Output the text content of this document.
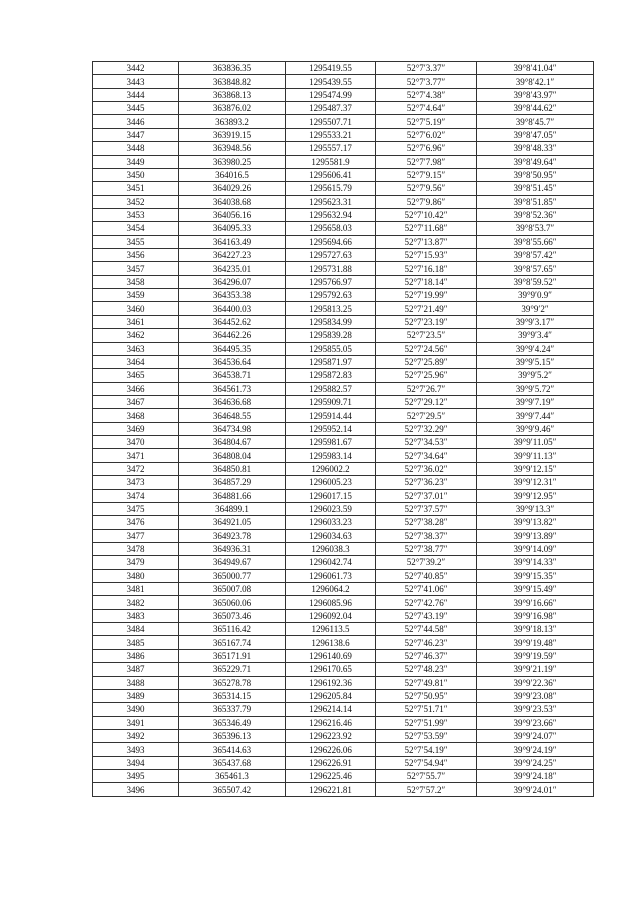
3442	363836.35	1295419.55	52°7′3.37″	39°8′41.04″
3443	363848.82	1295439.55	52°7′3.77″	39°8′42.1″
3444	363868.13	1295474.99	52°7′4.38″	39°8′43.97″
3445	363876.02	1295487.37	52°7′4.64″	39°8′44.62″
3446	363893.2	1295507.71	52°7′5.19″	39°8′45.7″
3447	363919.15	1295533.21	52°7′6.02″	39°8′47.05″
3448	363948.56	1295557.17	52°7′6.96″	39°8′48.33″
3449	363980.25	1295581.9	52°7′7.98″	39°8′49.64″
3450	364016.5	1295606.41	52°7′9.15″	39°8′50.95″
3451	364029.26	1295615.79	52°7′9.56″	39°8′51.45″
3452	364038.68	1295623.31	52°7′9.86″	39°8′51.85″
3453	364056.16	1295632.94	52°7′10.42″	39°8′52.36″
3454	364095.33	1295658.03	52°7′11.68″	39°8′53.7″
3455	364163.49	1295694.66	52°7′13.87″	39°8′55.66″
3456	364227.23	1295727.63	52°7′15.93″	39°8′57.42″
3457	364235.01	1295731.88	52°7′16.18″	39°8′57.65″
3458	364296.07	1295766.97	52°7′18.14″	39°8′59.52″
3459	364353.38	1295792.63	52°7′19.99″	39°9′0.9″
3460	364400.03	1295813.25	52°7′21.49″	39°9′2″
3461	364452.62	1295834.99	52°7′23.19″	39°9′3.17″
3462	364462.26	1295839.28	52°7′23.5″	39°9′3.4″
3463	364495.35	1295855.05	52°7′24.56″	39°9′4.24″
3464	364536.64	1295871.97	52°7′25.89″	39°9′5.15″
3465	364538.71	1295872.83	52°7′25.96″	39°9′5.2″
3466	364561.73	1295882.57	52°7′26.7″	39°9′5.72″
3467	364636.68	1295909.71	52°7′29.12″	39°9′7.19″
3468	364648.55	1295914.44	52°7′29.5″	39°9′7.44″
3469	364734.98	1295952.14	52°7′32.29″	39°9′9.46″
3470	364804.67	1295981.67	52°7′34.53″	39°9′11.05″
3471	364808.04	1295983.14	52°7′34.64″	39°9′11.13″
3472	364850.81	1296002.2	52°7′36.02″	39°9′12.15″
3473	364857.29	1296005.23	52°7′36.23″	39°9′12.31″
3474	364881.66	1296017.15	52°7′37.01″	39°9′12.95″
3475	364899.1	1296023.59	52°7′37.57″	39°9′13.3″
3476	364921.05	1296033.23	52°7′38.28″	39°9′13.82″
3477	364923.78	1296034.63	52°7′38.37″	39°9′13.89″
3478	364936.31	1296038.3	52°7′38.77″	39°9′14.09″
3479	364949.67	1296042.74	52°7′39.2″	39°9′14.33″
3480	365000.77	1296061.73	52°7′40.85″	39°9′15.35″
3481	365007.08	1296064.2	52°7′41.06″	39°9′15.49″
3482	365060.06	1296085.96	52°7′42.76″	39°9′16.66″
3483	365073.46	1296092.04	52°7′43.19″	39°9′16.98″
3484	365116.42	1296113.5	52°7′44.58″	39°9′18.13″
3485	365167.74	1296138.6	52°7′46.23″	39°9′19.48″
3486	365171.91	1296140.69	52°7′46.37″	39°9′19.59″
3487	365229.71	1296170.65	52°7′48.23″	39°9′21.19″
3488	365278.78	1296192.36	52°7′49.81″	39°9′22.36″
3489	365314.15	1296205.84	52°7′50.95″	39°9′23.08″
3490	365337.79	1296214.14	52°7′51.71″	39°9′23.53″
3491	365346.49	1296216.46	52°7′51.99″	39°9′23.66″
3492	365396.13	1296223.92	52°7′53.59″	39°9′24.07″
3493	365414.63	1296226.06	52°7′54.19″	39°9′24.19″
3494	365437.68	1296226.91	52°7′54.94″	39°9′24.25″
3495	365461.3	1296225.46	52°7′55.7″	39°9′24.18″
3496	365507.42	1296221.81	52°7′57.2″	39°9′24.01″
